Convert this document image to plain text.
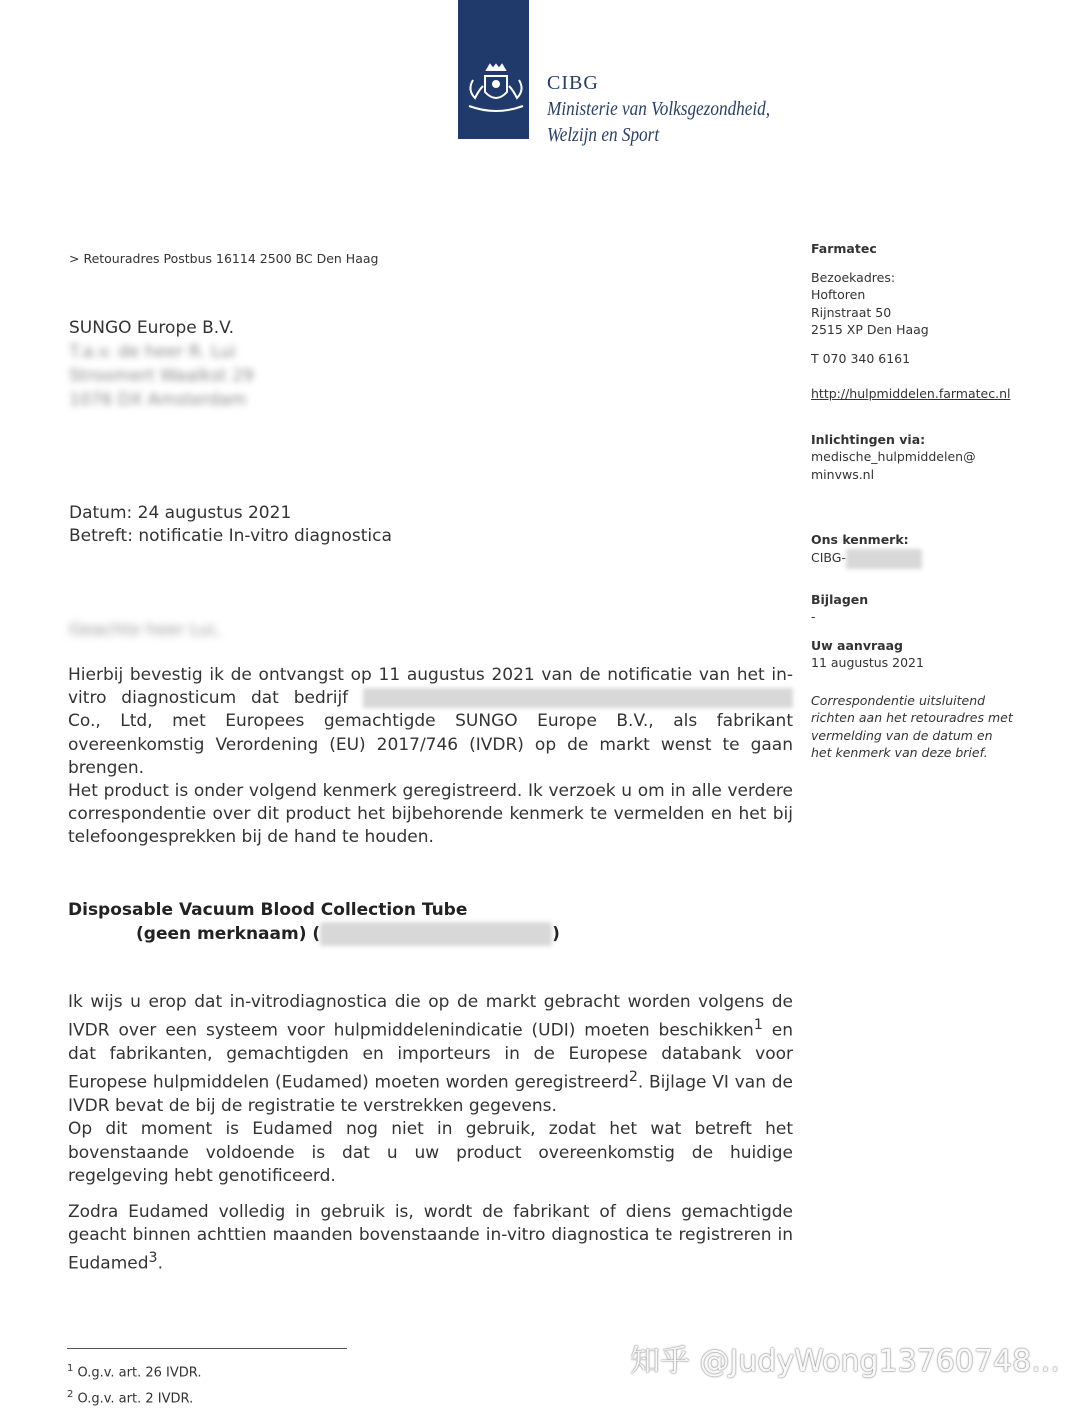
CIBG
Ministerie van Volksgezondheid,
Welzijn en Sport
> Retouradres Postbus 16114 2500 BC Den Haag
SUNGO Europe B.V.
T.a.v. de heer R. Lui
Stroomert Waalkst 29
1076 DX Amsterdam
Datum: 24 augustus 2021
Betreft: notificatie In-vitro diagnostica
Geachte heer Lui,

Hierbij bevestig ik de ontvangst op 11 augustus 2021 van de notificatie van het in-vitro diagnosticum dat bedrijf  Co., Ltd, met Europees gemachtigde SUNGO Europe B.V., als fabrikant overeenkomstig Verordening (EU) 2017/746 (IVDR) op de markt wenst te gaan brengen.

Het product is onder volgend kenmerk geregistreerd. Ik verzoek u om in alle verdere correspondentie over dit product het bijbehorende kenmerk te vermelden en het bij telefoongesprekken bij de hand te houden.

Disposable Vacuum Blood Collection Tube
(geen merknaam) (	)

Ik wijs u erop dat in-vitrodiagnostica die op de markt gebracht worden volgens de IVDR over een systeem voor hulpmiddelenindicatie (UDI) moeten beschikken$^1$ en dat fabrikanten, gemachtigden en importeurs in de Europese databank voor Europese hulpmiddelen (Eudamed) moeten worden geregistreerd$^2$. Bijlage VI van de IVDR bevat de bij de registratie te verstrekken gegevens.

Op dit moment is Eudamed nog niet in gebruik, zodat het wat betreft het bovenstaande voldoende is dat u uw product overeenkomstig de huidige regelgeving hebt genotificeerd.

Zodra Eudamed volledig in gebruik is, wordt de fabrikant of diens gemachtigde geacht binnen achttien maanden bovenstaande in-vitro diagnostica te registreren in Eudamed$^3$.

$^1$ O.g.v. art. 26 IVDR.
$^2$ O.g.v. art. 2 IVDR.
Farmatec
Bezoekadres:
Hoftoren
Rijnstraat 50
2515 XP Den Haag
T 070 340 6161
http://hulpmiddelen.farmatec.nl
Inlichtingen via:
medische_hulpmiddelen@
minvws.nl
Ons kenmerk:
CIBG-
Bijlagen
-
Uw aanvraag
11 augustus 2021
Correspondentie uitsluitend
richten aan het retouradres met
vermelding van de datum en
het kenmerk van deze brief.
知乎 @JudyWong13760748...
